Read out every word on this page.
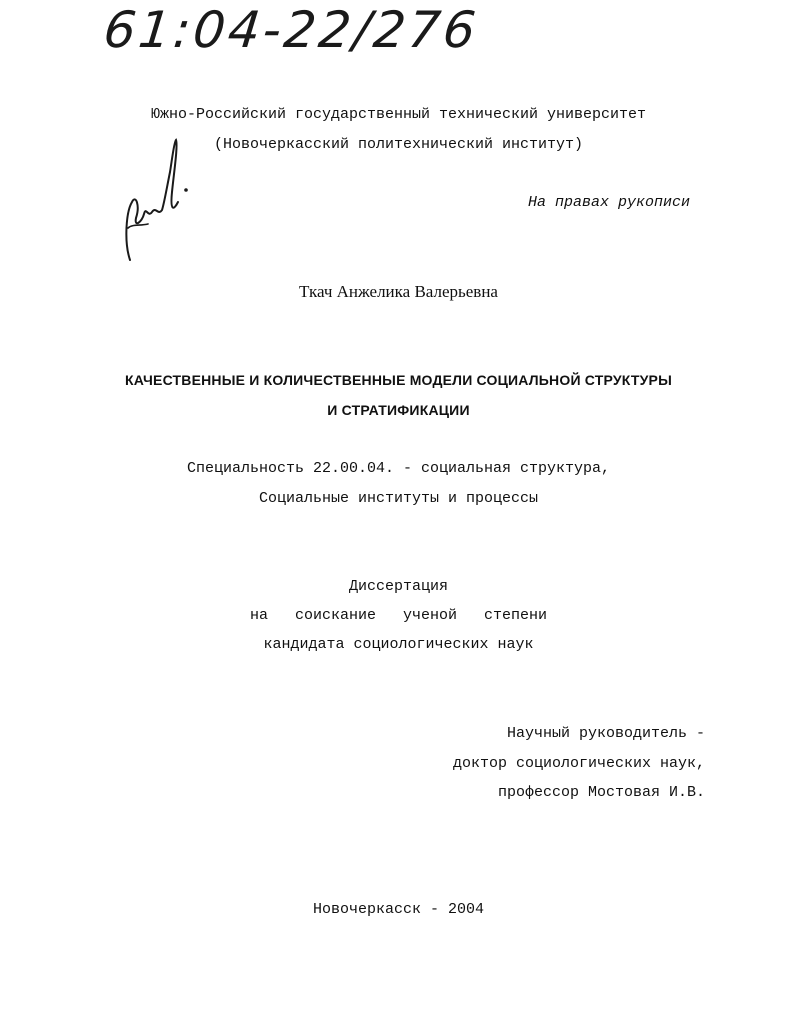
61:04-22/276
Южно-Российский государственный технический университет
(Новочеркасский политехнический институт)
На правах рукописи
Ткач Анжелика Валерьевна
КАЧЕСТВЕННЫЕ И КОЛИЧЕСТВЕННЫЕ МОДЕЛИ СОЦИАЛЬНОЙ СТРУКТУРЫ
И СТРАТИФИКАЦИИ
Специальность 22.00.04. - социальная структура,
Социальные институты и процессы
Диссертация
на   соискание   ученой   степени
кандидата социологических наук
Научный руководитель -
доктор социологических наук,
профессор Мостовая И.В.
Новочеркасск - 2004
